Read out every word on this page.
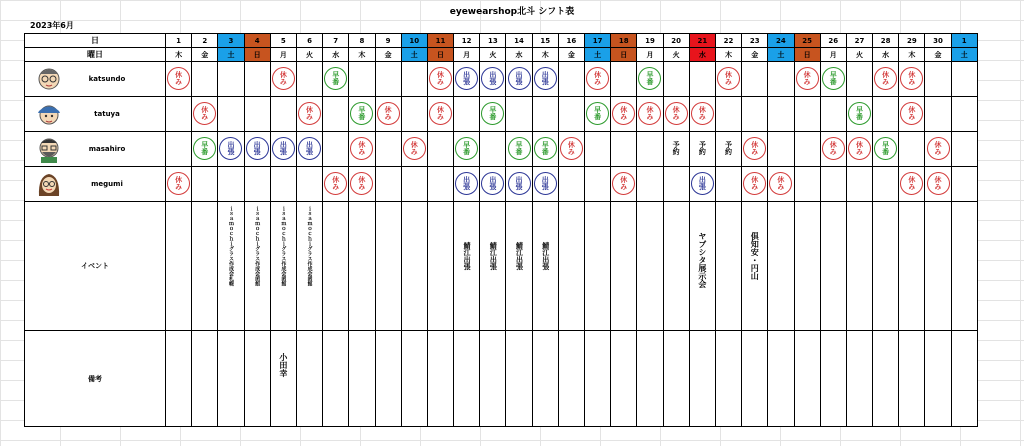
eyewearshop北斗 シフト表
2023年6月
日	1	2	3	4	5	6	7	8	9	10	11	12	13	14	15	16	17	18	19	20	21	22	23	24	25	26	27	28	29	30	1
曜日	木	金	土	日	月	火	水	木	金	土	日	月	火	水	木	金	土	日	月	火	水	木	金	土	日	月	火	水	木	金	土

katsundo	休み				休み		早番				休み	出張	出張	出張	出張		休み		早番			休み			休み	早番		休み	休み		

tatuya		休み				休み		早番	休み		休み		早番				早番	休み	休み	休み	休み						早番		休み		

masahiro		早番	出張	出張	出張	出張		休み		休み		早番		早番	早番	休み				予約	予約	予約	休み			休み	休み	早番		休み	

megumi	休み						休み	休み				出張	出張	出張	出張			休み			出張		休み	休み					休み	休み	
イベント			ｉｓａｍｏｃｈｉグラス作成会札幌	ｉｓａｍｏｃｈｉグラス作成会函館	ｉｓａｍｏｃｈｉグラス作成会函館	ｉｓａｍｏｃｈｉグラス作成会函館						鯖江出張	鯖江出張	鯖江出張	鯖江出張						ヤブシタ展示会		倶知安・円山								
備考					小田幸																										
